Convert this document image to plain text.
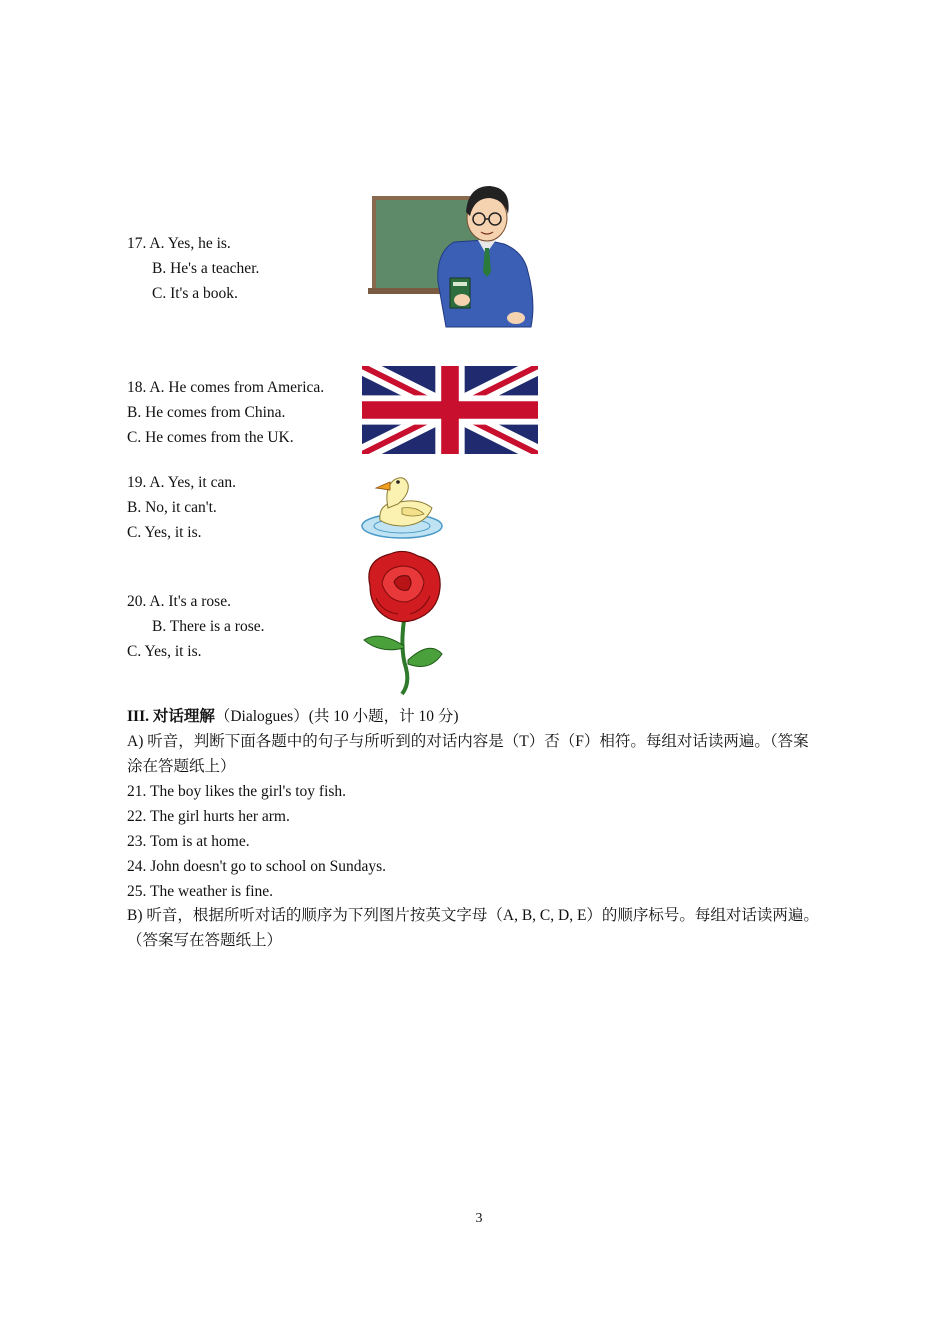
17. A. Yes, he is.
B. He's a teacher.
C. It's a book.
18. A. He comes from America.
B. He comes from China.
C. He comes from the UK.
19. A. Yes, it can.
B. No, it can't.
C. Yes, it is.
20. A. It's a rose.
B. There is a rose.
C. Yes, it is.
III. 对话理解（Dialogues）(共 10 小题，计 10 分)
A) 听音，判断下面各题中的句子与所听到的对话内容是（T）否（F）相符。每组对话读两遍。（答案
涂在答题纸上）
21. The boy likes the girl's toy fish.
22. The girl hurts her arm.
23. Tom is at home.
24. John doesn't go to school on Sundays.
25. The weather is fine.
B) 听音，根据所听对话的顺序为下列图片按英文字母（A, B, C, D, E）的顺序标号。每组对话读两遍。
（答案写在答题纸上）
3
